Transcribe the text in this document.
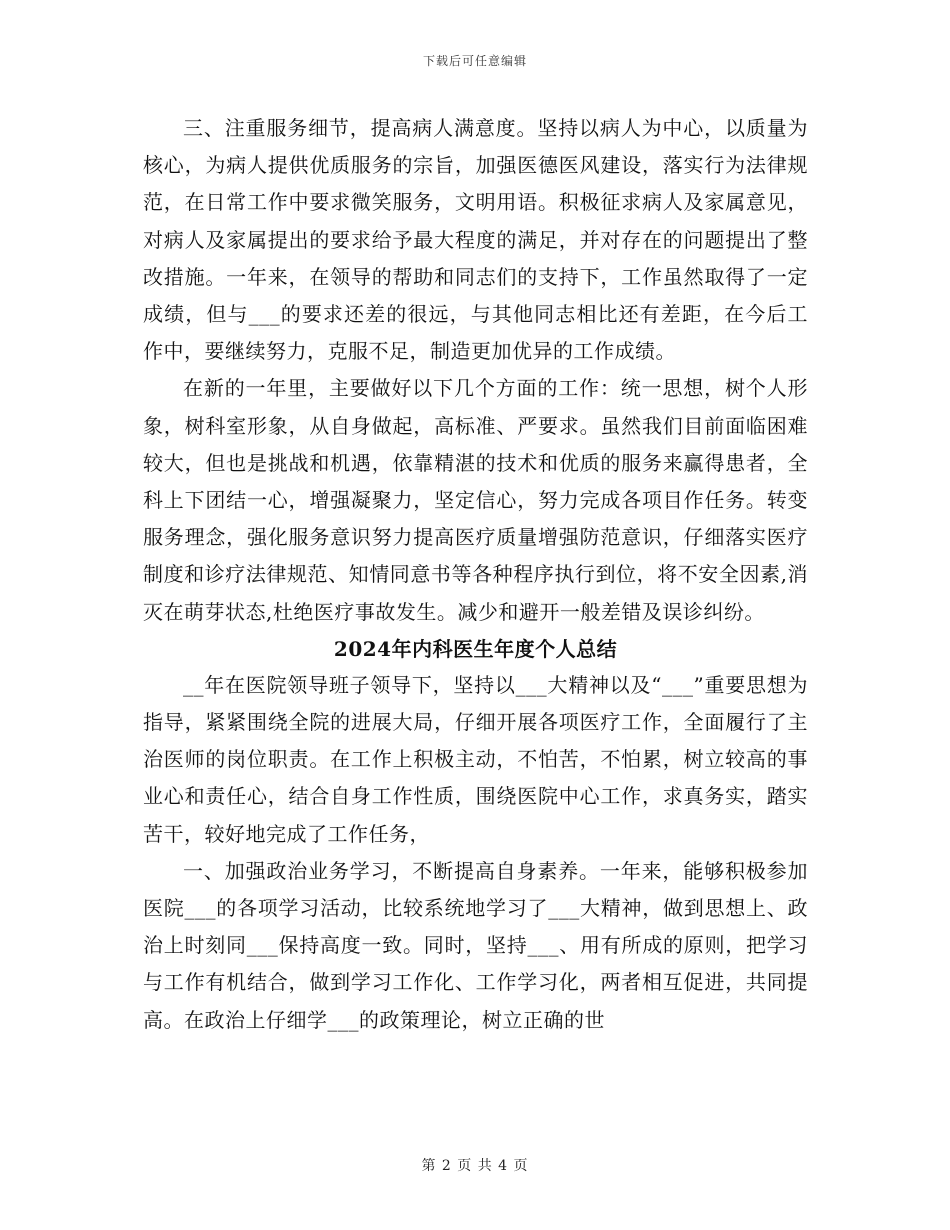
下载后可任意编辑

三、注重服务细节，提高病人满意度。坚持以病人为中心，以质量为核心，为病人提供优质服务的宗旨，加强医德医风建设，落实行为法律规范，在日常工作中要求微笑服务，文明用语。积极征求病人及家属意见，对病人及家属提出的要求给予最大程度的满足，并对存在的问题提出了整改措施。一年来，在领导的帮助和同志们的支持下，工作虽然取得了一定成绩，但与___的要求还差的很远，与其他同志相比还有差距，在今后工作中，要继续努力，克服不足，制造更加优异的工作成绩。

在新的一年里，主要做好以下几个方面的工作：统一思想，树个人形象，树科室形象，从自身做起，高标准、严要求。虽然我们目前面临困难较大，但也是挑战和机遇，依靠精湛的技术和优质的服务来赢得患者，全科上下团结一心，增强凝聚力，坚定信心，努力完成各项目作任务。转变服务理念，强化服务意识努力提高医疗质量增强防范意识，仔细落实医疗制度和诊疗法律规范、知情同意书等各种程序执行到位，将不安全因素,消灭在萌芽状态,杜绝医疗事故发生。减少和避开一般差错及误诊纠纷。

2024年内科医生年度个人总结

__年在医院领导班子领导下，坚持以___大精神以及“___”重要思想为指导，紧紧围绕全院的进展大局，仔细开展各项医疗工作，全面履行了主治医师的岗位职责。在工作上积极主动，不怕苦，不怕累，树立较高的事业心和责任心，结合自身工作性质，围绕医院中心工作，求真务实，踏实苦干，较好地完成了工作任务，

一、加强政治业务学习，不断提高自身素养。一年来，能够积极参加医院___的各项学习活动，比较系统地学习了___大精神，做到思想上、政治上时刻同___保持高度一致。同时，坚持___、用有所成的原则，把学习与工作有机结合，做到学习工作化、工作学习化，两者相互促进，共同提高。在政治上仔细学___的政策理论，树立正确的世

第 2 页 共 4 页
